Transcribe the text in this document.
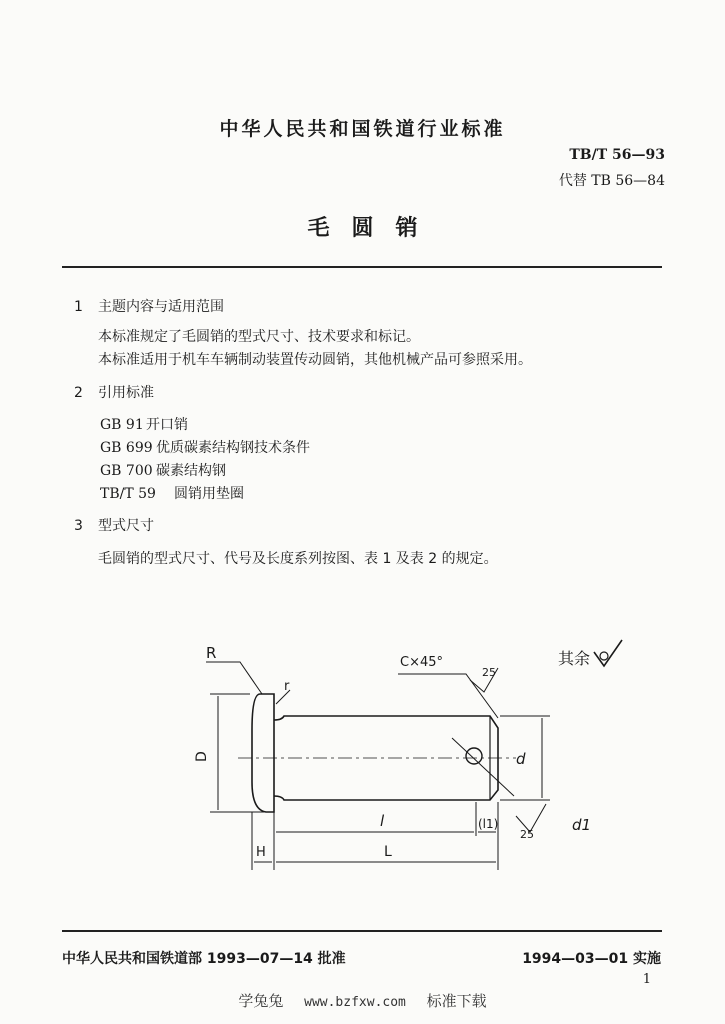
中华人民共和国铁道行业标准
TB/T 56—93
代替 TB 56—84
毛圆销
1 主题内容与适用范围
本标准规定了毛圆销的型式尺寸、技术要求和标记。
本标准适用于机车车辆制动装置传动圆销，其他机械产品可参照采用。
2 引用标准
GB 91 开口销
GB 699 优质碳素结构钢技术条件
GB 700 碳素结构钢
TB/T 59 圆销用垫圈
3 型式尺寸
毛圆销的型式尺寸、代号及长度系列按图、表 1 及表 2 的规定。
R
r
D	d
C×45°
25
25
d1
l	(l1)
H	L
其余
中华人民共和国铁道部 1993—07—14 批准	1994—03—01 实施
1
学兔兔 www.bzfxw.com 标准下载
